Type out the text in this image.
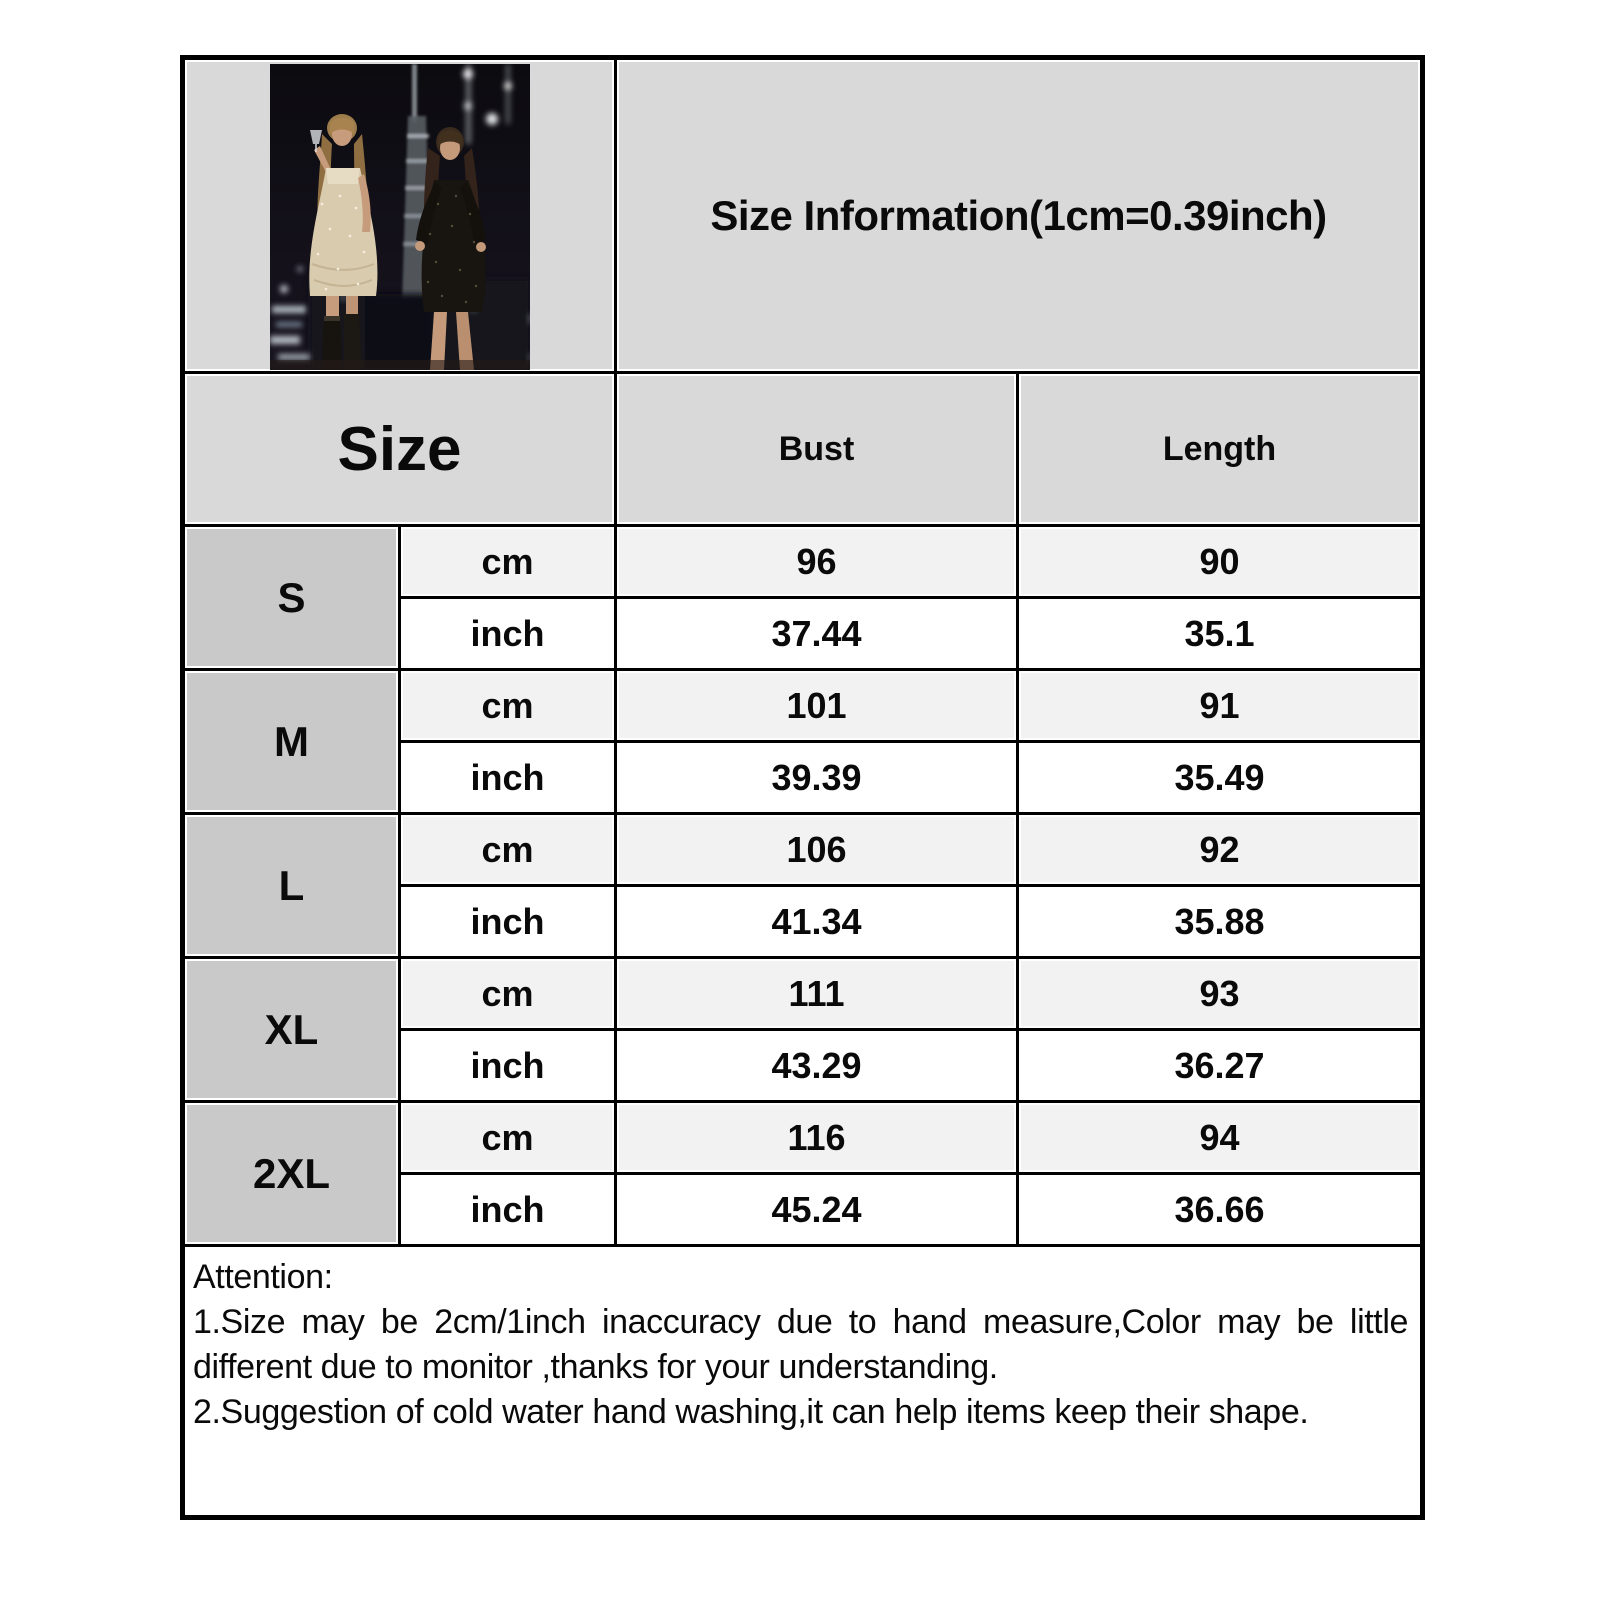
	Size Information(1cm=0.39inch)	
Size		Bust	Length
S	cm	96	90
	inch	37.44	35.1
M	cm	101	91
	inch	39.39	35.49
L	cm	106	92
	inch	41.34	35.88
XL	cm	111	93
	inch	43.29	36.27
2XL	cm	116	94
	inch	45.24	36.66

Attention:
1.Size may be 2cm/1inch inaccuracy due to hand measure,Color may be little different due to monitor ,thanks for your understanding.
2.Suggestion of cold water hand washing,it can help items keep their shape.			
